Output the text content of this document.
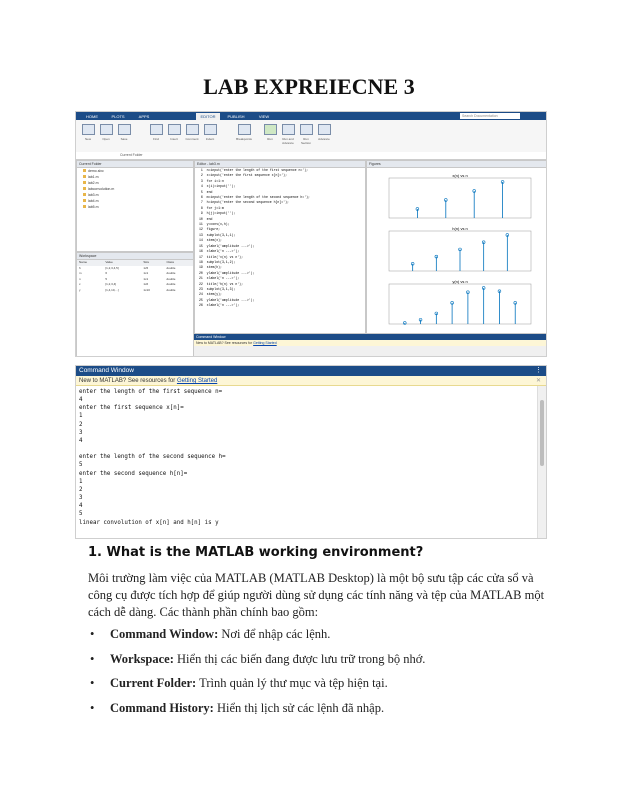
LAB EXPREIECNE 3
HOME	PLOTS	APPS	EDITOR	PUBLISH	VIEW	Search Documentation
New	Open	Save	Find	Insert	Comment	Indent	Breakpoints	Run	Run and Advance
Run Section
Advance
Current Folder
Current Folder
demo.slxc
lab1.m
lab2.m
labconvolution.m
lab3.m
lab4.m
lab5.m
Workspace
Name	Value	Size	Class
h	[1,2,3,4,5]	1x5	double
m	6	1x1	double
n	5	1x1	double
x	[1,2,3,4]	1x6	double
y	[1,4,10,...]	1x10	double
Editor - lab3.m
1  n=input('enter the length of the first sequence n=');
2  x=input('enter the first sequence x[n]=');
3  for i=1:n
4  x(i)=input('');
5  end
6  m=input('enter the length of the second sequence h=');
7  h=input('enter the second sequence h[n]=');
8  for j=1:m
9  h(j)=input('');
10  end
11  y=conv(x,h);
12  figure;
13  subplot(3,1,1);
14  stem(x);
15  ylabel('amplitude --->');
16  xlabel('n --->');
17  title('x(n) vs n');
18  subplot(3,1,2);
19  stem(h);
20  ylabel('amplitude --->');
21  xlabel('n --->');
22  title('h(n) vs n');
23  subplot(3,1,3);
24  stem(y);
25  ylabel('amplitude --->');
26  xlabel('n --->');
Figures
x(n) vs n
h(n) vs n
y(n) vs n
Command Window
New to MATLAB? See resources for Getting Started
Command Window	⋮
New to MATLAB? See resources for Getting Started	✕
enter the length of the first sequence n=
4
enter the first sequence x[n]=
1
2
3
4

enter the length of the second sequence h=
5
enter the second sequence h[n]=
1
2
3
4
5
linear convolution of x[n] and h[n] is y
1. What is the MATLAB working environment?
Môi trường làm việc của MATLAB (MATLAB Desktop) là một bộ sưu tập các cửa sổ và công cụ được tích hợp để giúp người dùng sử dụng các tính năng và tệp của MATLAB một cách dễ dàng. Các thành phần chính bao gồm:
• Command Window: Nơi để nhập các lệnh.
• Workspace: Hiển thị các biến đang được lưu trữ trong bộ nhớ.
• Current Folder: Trình quản lý thư mục và tệp hiện tại.
• Command History: Hiển thị lịch sử các lệnh đã nhập.
